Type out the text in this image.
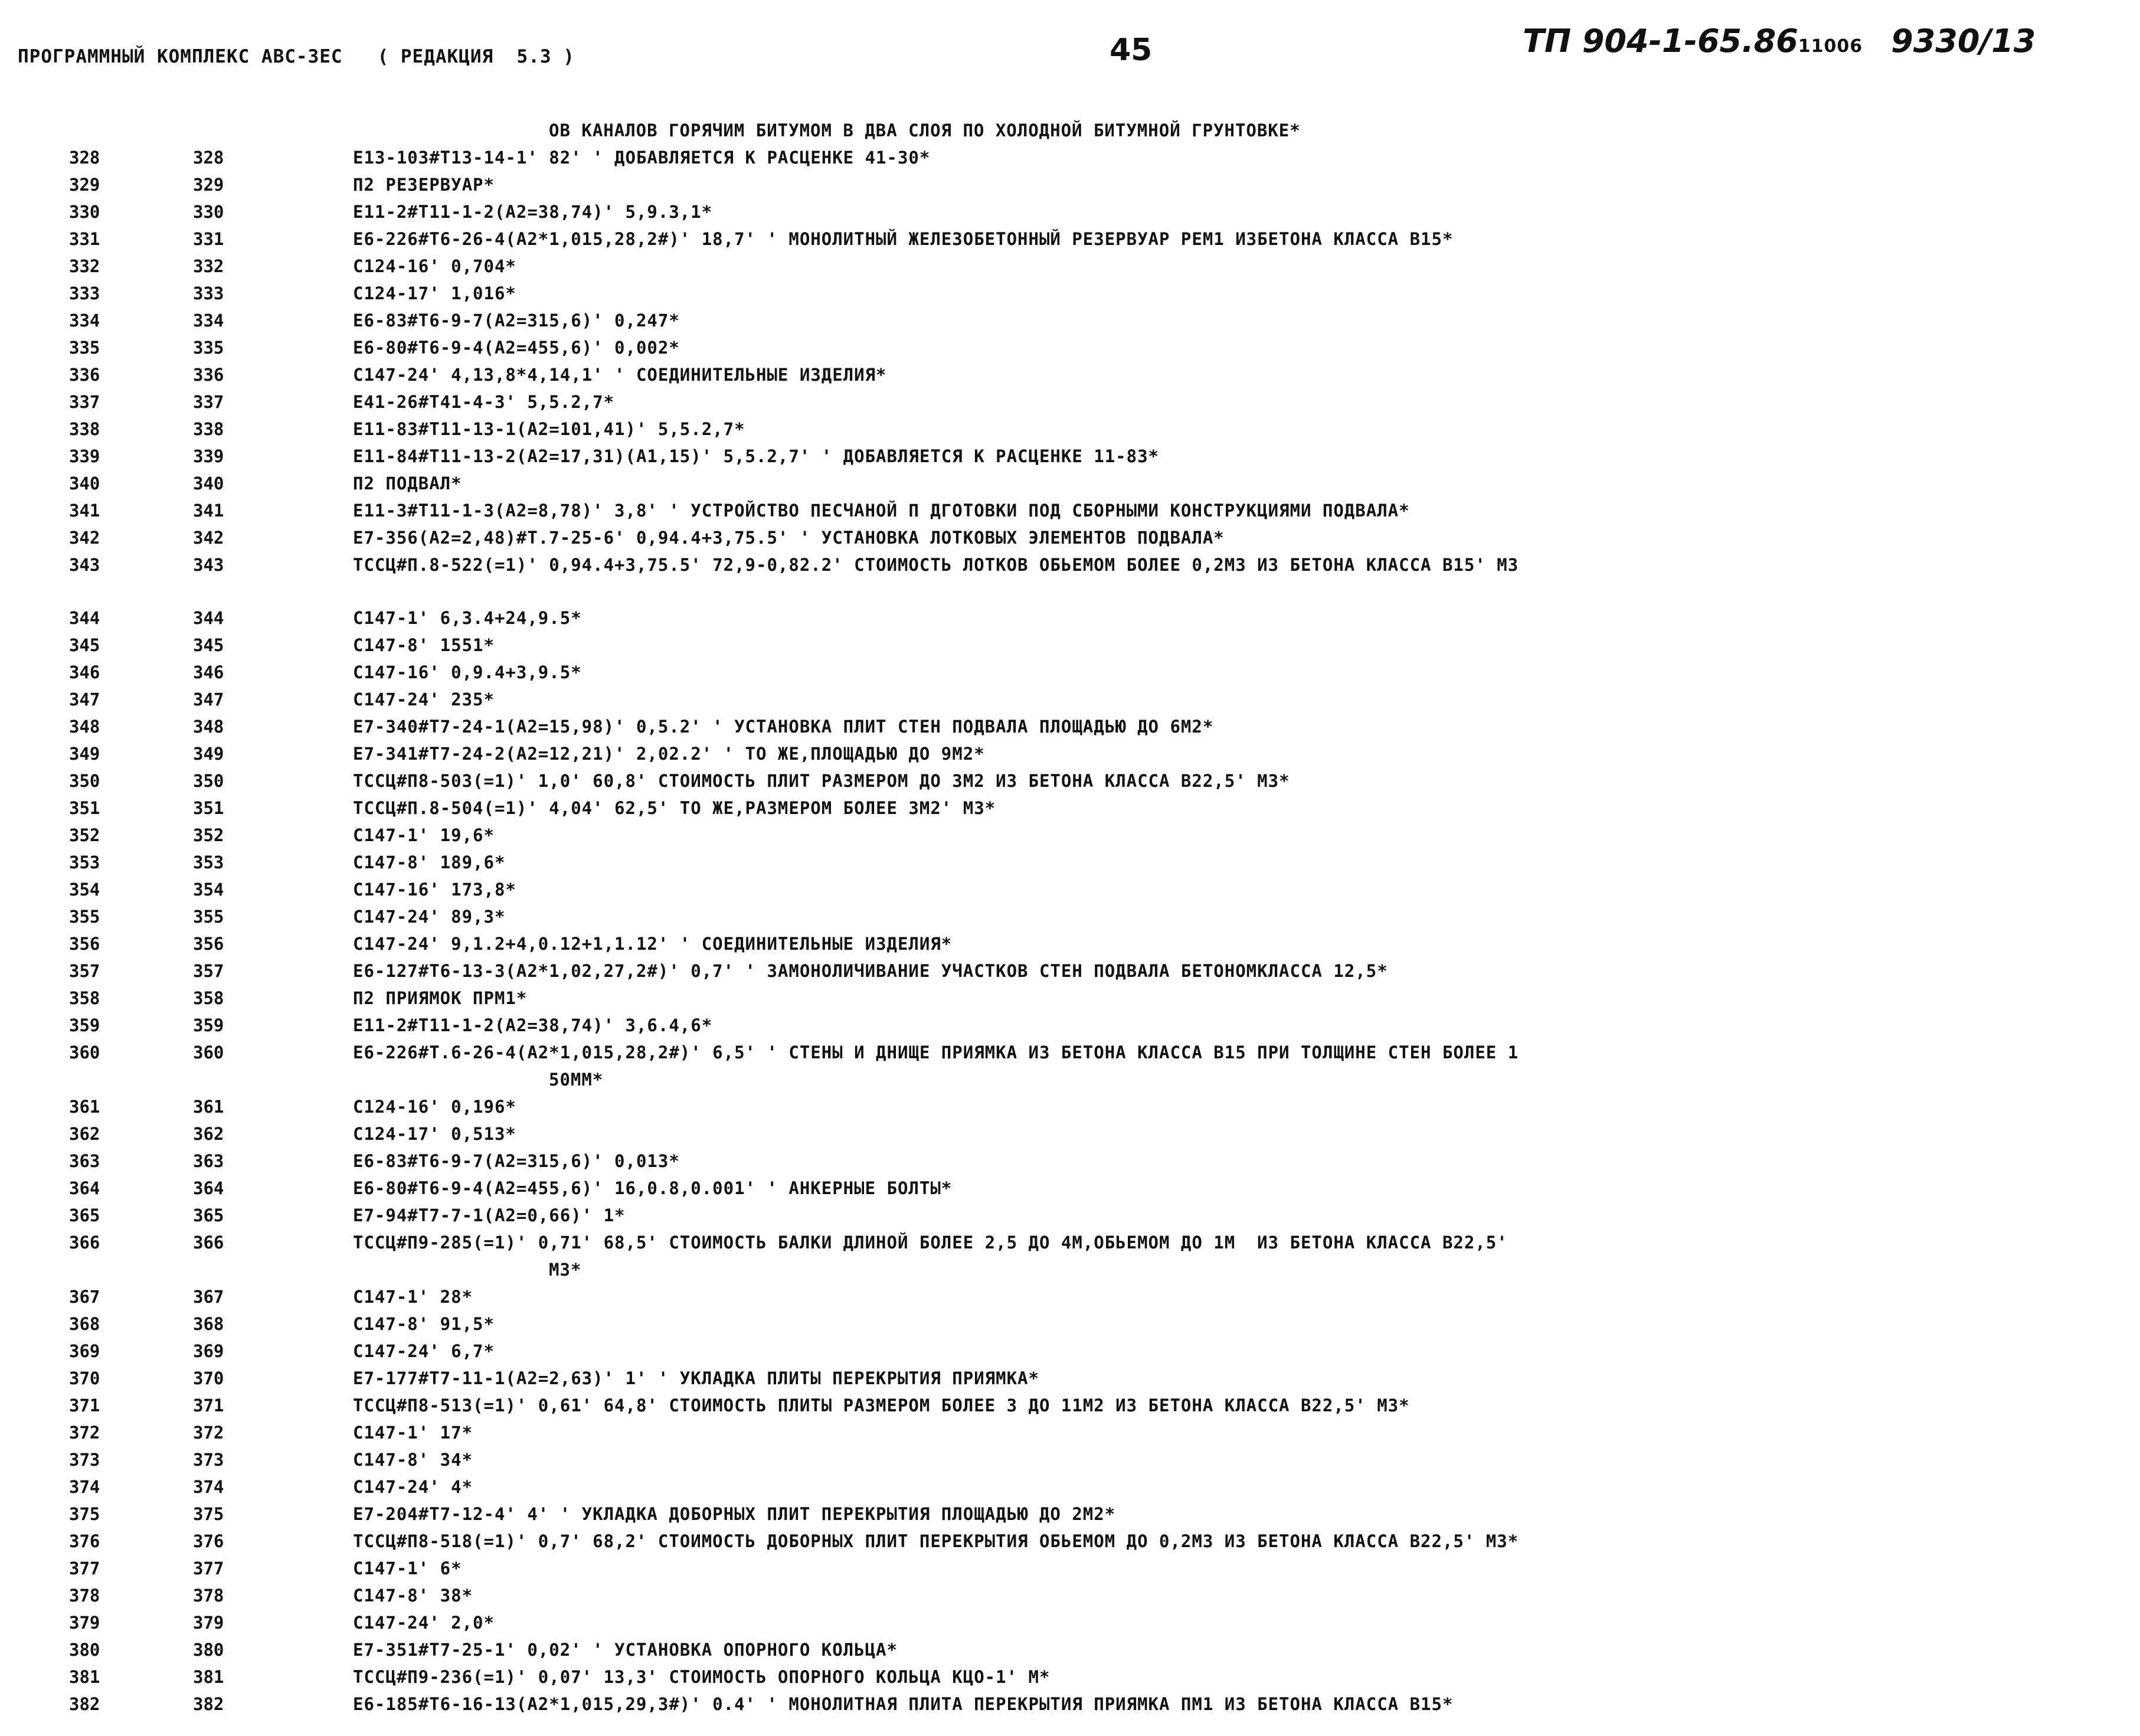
ПРОГРАММНЫЙ КОМПЛЕКС АВС-ЗЕС   ( РЕДАКЦИЯ  5.3 )	45	ТП 904-1-65.8611006 9330/13

ОВ КАНАЛОВ ГОРЯЧИМ БИТУМОМ В ДВА СЛОЯ ПО ХОЛОДНОЙ БИТУМНОЙ ГРУНТОВКЕ*

328	328	Е13-103#Т13-14-1' 82' ' ДОБАВЛЯЕТСЯ К РАСЦЕНКЕ 41-30*
329	329	П2 РЕЗЕРВУАР*
330	330	Е11-2#Т11-1-2(А2=38,74)' 5,9.3,1*
331	331	Е6-226#Т6-26-4(А2*1,015,28,2#)' 18,7' ' МОНОЛИТНЫЙ ЖЕЛЕЗОБЕТОННЫЙ РЕЗЕРВУАР РЕМ1 ИЗБЕТОНА КЛАССА В15*
332	332	С124-16' 0,704*
333	333	С124-17' 1,016*
334	334	Е6-83#Т6-9-7(А2=315,6)' 0,247*
335	335	Е6-80#Т6-9-4(А2=455,6)' 0,002*
336	336	С147-24' 4,13,8*4,14,1' ' СОЕДИНИТЕЛЬНЫЕ ИЗДЕЛИЯ*
337	337	Е41-26#Т41-4-3' 5,5.2,7*
338	338	Е11-83#Т11-13-1(А2=101,41)' 5,5.2,7*
339	339	Е11-84#Т11-13-2(А2=17,31)(А1,15)' 5,5.2,7' ' ДОБАВЛЯЕТСЯ К РАСЦЕНКЕ 11-83*
340	340	П2 ПОДВАЛ*
341	341	Е11-3#Т11-1-3(А2=8,78)' 3,8' ' УСТРОЙСТВО ПЕСЧАНОЙ П ДГОТОВКИ ПОД СБОРНЫМИ КОНСТРУКЦИЯМИ ПОДВАЛА*
342	342	Е7-356(А2=2,48)#Т.7-25-6' 0,94.4+3,75.5' ' УСТАНОВКА ЛОТКОВЫХ ЭЛЕМЕНТОВ ПОДВАЛА*
343	343	ТССЦ#П.8-522(=1)' 0,94.4+3,75.5' 72,9-0,82.2' СТОИМОСТЬ ЛОТКОВ ОБЬЕМОМ БОЛЕЕ 0,2М3 ИЗ БЕТОНА КЛАССА В15' М3
344	344	С147-1' 6,3.4+24,9.5*
345	345	С147-8' 1551*
346	346	С147-16' 0,9.4+3,9.5*
347	347	С147-24' 235*
348	348	Е7-340#Т7-24-1(А2=15,98)' 0,5.2' ' УСТАНОВКА ПЛИТ СТЕН ПОДВАЛА ПЛОЩАДЬЮ ДО 6М2*
349	349	Е7-341#Т7-24-2(А2=12,21)' 2,02.2' ' ТО ЖЕ,ПЛОЩАДЬЮ ДО 9М2*
350	350	ТССЦ#П8-503(=1)' 1,0' 60,8' СТОИМОСТЬ ПЛИТ РАЗМЕРОМ ДО 3М2 ИЗ БЕТОНА КЛАССА В22,5' М3*
351	351	ТССЦ#П.8-504(=1)' 4,04' 62,5' ТО ЖЕ,РАЗМЕРОМ БОЛЕЕ 3М2' М3*
352	352	С147-1' 19,6*
353	353	С147-8' 189,6*
354	354	С147-16' 173,8*
355	355	С147-24' 89,3*
356	356	С147-24' 9,1.2+4,0.12+1,1.12' ' СОЕДИНИТЕЛЬНЫЕ ИЗДЕЛИЯ*
357	357	Е6-127#Т6-13-3(А2*1,02,27,2#)' 0,7' ' ЗАМОНОЛИЧИВАНИЕ УЧАСТКОВ СТЕН ПОДВАЛА БЕТОНОМКЛАССА 12,5*
358	358	П2 ПРИЯМОК ПРМ1*
359	359	Е11-2#Т11-1-2(А2=38,74)' 3,6.4,6*
360	360	Е6-226#Т.6-26-4(А2*1,015,28,2#)' 6,5' ' СТЕНЫ И ДНИЩЕ ПРИЯМКА ИЗ БЕТОНА КЛАССА В15 ПРИ ТОЛЩИНЕ СТЕН БОЛЕЕ 1
50ММ*
361	361	С124-16' 0,196*
362	362	С124-17' 0,513*
363	363	Е6-83#Т6-9-7(А2=315,6)' 0,013*
364	364	Е6-80#Т6-9-4(А2=455,6)' 16,0.8,0.001' ' АНКЕРНЫЕ БОЛТЫ*
365	365	Е7-94#Т7-7-1(А2=0,66)' 1*
366	366	ТССЦ#П9-285(=1)' 0,71' 68,5' СТОИМОСТЬ БАЛКИ ДЛИНОЙ БОЛЕЕ 2,5 ДО 4М,ОБЬЕМОМ ДО 1М  ИЗ БЕТОНА КЛАССА В22,5'
М3*
367	367	С147-1' 28*
368	368	С147-8' 91,5*
369	369	С147-24' 6,7*
370	370	Е7-177#Т7-11-1(А2=2,63)' 1' ' УКЛАДКА ПЛИТЫ ПЕРЕКРЫТИЯ ПРИЯМКА*
371	371	ТССЦ#П8-513(=1)' 0,61' 64,8' СТОИМОСТЬ ПЛИТЫ РАЗМЕРОМ БОЛЕЕ 3 ДО 11М2 ИЗ БЕТОНА КЛАССА В22,5' М3*
372	372	С147-1' 17*
373	373	С147-8' 34*
374	374	С147-24' 4*
375	375	Е7-204#Т7-12-4' 4' ' УКЛАДКА ДОБОРНЫХ ПЛИТ ПЕРЕКРЫТИЯ ПЛОЩАДЬЮ ДО 2М2*
376	376	ТССЦ#П8-518(=1)' 0,7' 68,2' СТОИМОСТЬ ДОБОРНЫХ ПЛИТ ПЕРЕКРЫТИЯ ОБЬЕМОМ ДО 0,2М3 ИЗ БЕТОНА КЛАССА В22,5' М3*
377	377	С147-1' 6*
378	378	С147-8' 38*
379	379	С147-24' 2,0*
380	380	Е7-351#Т7-25-1' 0,02' ' УСТАНОВКА ОПОРНОГО КОЛЬЦА*
381	381	ТССЦ#П9-236(=1)' 0,07' 13,3' СТОИМОСТЬ ОПОРНОГО КОЛЬЦА КЦО-1' М*
382	382	Е6-185#Т6-16-13(А2*1,015,29,3#)' 0.4' ' МОНОЛИТНАЯ ПЛИТА ПЕРЕКРЫТИЯ ПРИЯМКА ПМ1 ИЗ БЕТОНА КЛАССА В15*
